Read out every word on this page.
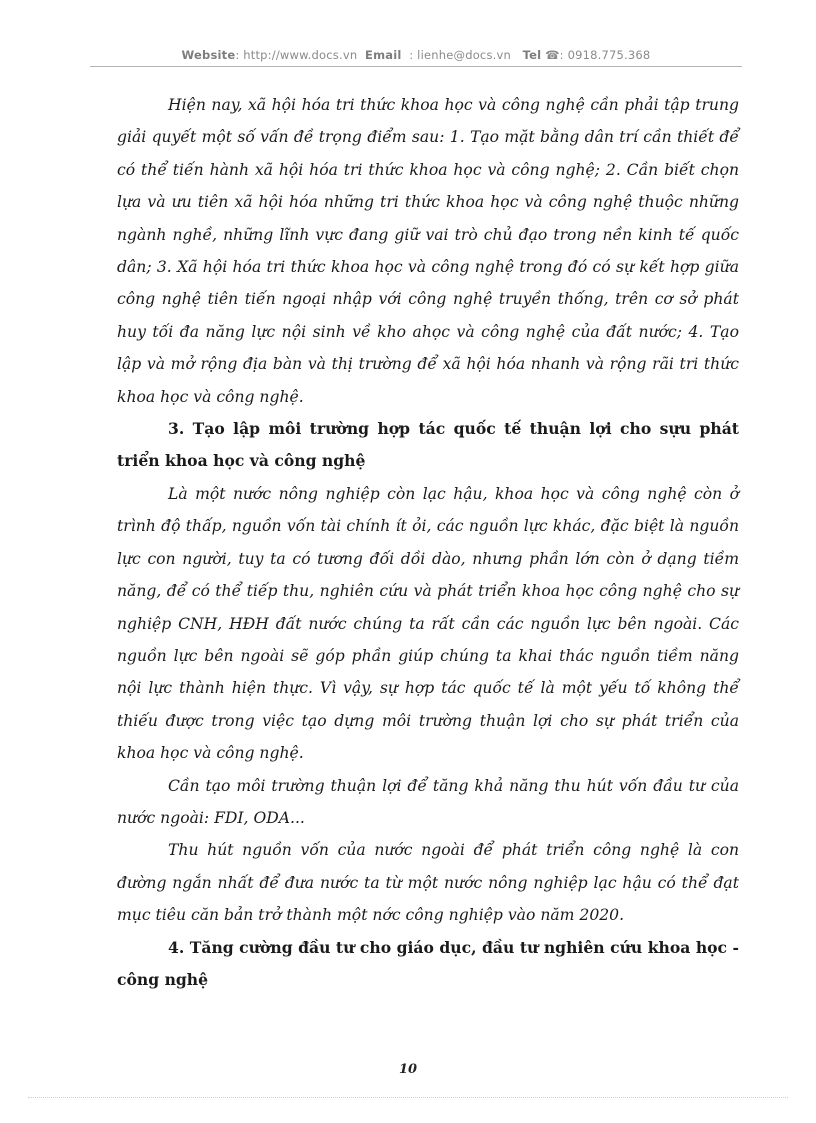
Website: http://www.docs.vn Email : lienhe@docs.vn Tel ☎: 0918.775.368

Hiện nay, xã hội hóa tri thức khoa học và công nghệ cần phải tập trung giải quyết một số vấn đề trọng điểm sau: 1. Tạo mặt bằng dân trí cần thiết để có thể tiến hành xã hội hóa tri thức khoa học và công nghệ; 2. Cần biết chọn lựa và ưu tiên xã hội hóa những tri thức khoa học và công nghệ thuộc những ngành nghề, những lĩnh vực đang giữ vai trò chủ đạo trong nền kinh tế quốc dân; 3. Xã hội hóa tri thức khoa học và công nghệ trong đó có sự kết hợp giữa công nghệ tiên tiến ngoại nhập với công nghệ truyền thống, trên cơ sở phát huy tối đa năng lực nội sinh về kho ahọc và công nghệ của đất nước; 4. Tạo lập và mở rộng địa bàn và thị trường để xã hội hóa nhanh và rộng rãi tri thức khoa học và công nghệ.

3. Tạo lập môi trường hợp tác quốc tế thuận lợi cho sựu phát triển khoa học và công nghệ

Là một nước nông nghiệp còn lạc hậu, khoa học và công nghệ còn ở trình độ thấp, nguồn vốn tài chính ít ỏi, các nguồn lực khác, đặc biệt là nguồn lực con người, tuy ta có tương đối dồi dào, nhưng phần lớn còn ở dạng tiềm năng, để có thể tiếp thu, nghiên cứu và phát triển khoa học công nghệ cho sự nghiệp CNH, HĐH đất nước chúng ta rất cần các nguồn lực bên ngoài. Các nguồn lực bên ngoài sẽ góp phần giúp chúng ta khai thác nguồn tiềm năng nội lực thành hiện thực. Vì vậy, sự hợp tác quốc tế là một yếu tố không thể thiếu được trong việc tạo dựng môi trường thuận lợi cho sự phát triển của khoa học và công nghệ.

Cần tạo môi trường thuận lợi để tăng khả năng thu hút vốn đầu tư của nước ngoài: FDI, ODA...

Thu hút nguồn vốn của nước ngoài để phát triển công nghệ là con đường ngắn nhất để đưa nước ta từ một nước nông nghiệp lạc hậu có thể đạt mục tiêu căn bản trở thành một nớc công nghiệp vào năm 2020.

4. Tăng cường đầu tư cho giáo dục, đầu tư nghiên cứu khoa học - công nghệ

10
